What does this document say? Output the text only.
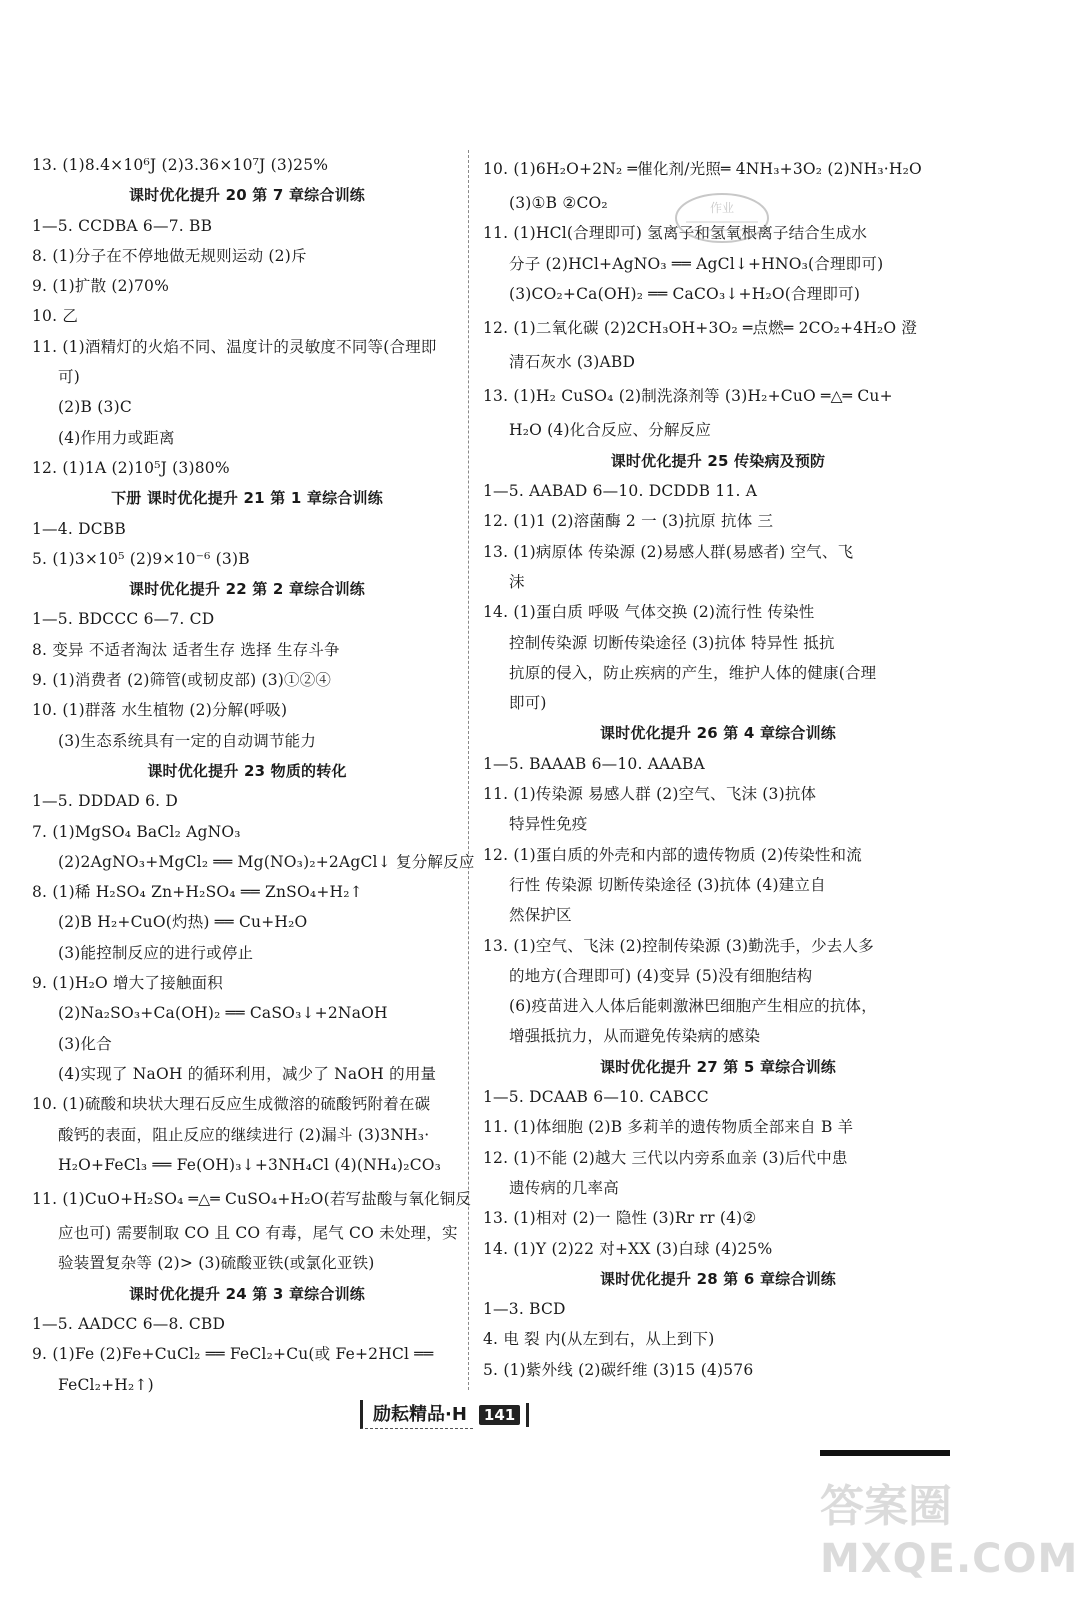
13. (1)8.4×10⁶J (2)3.36×10⁷J (3)25%
课时优化提升 20 第 7 章综合训练
1—5. CCDBA 6—7. BB
8. (1)分子在不停地做无规则运动 (2)斥
9. (1)扩散 (2)70%
10. 乙
11. (1)酒精灯的火焰不同、温度计的灵敏度不同等(合理即
可)
(2)B (3)C
(4)作用力或距离
12. (1)1A (2)10⁵J (3)80%
下册 课时优化提升 21 第 1 章综合训练
1—4. DCBB
5. (1)3×10⁵ (2)9×10⁻⁶ (3)B
课时优化提升 22 第 2 章综合训练
1—5. BDCCC 6—7. CD
8. 变异 不适者淘汰 适者生存 选择 生存斗争
9. (1)消费者 (2)筛管(或韧皮部) (3)①②④
10. (1)群落 水生植物 (2)分解(呼吸)
(3)生态系统具有一定的自动调节能力
课时优化提升 23 物质的转化
1—5. DDDAD 6. D
7. (1)MgSO₄ BaCl₂ AgNO₃
(2)2AgNO₃+MgCl₂ ══ Mg(NO₃)₂+2AgCl↓ 复分解反应
8. (1)稀 H₂SO₄ Zn+H₂SO₄ ══ ZnSO₄+H₂↑
(2)B H₂+CuO(灼热) ══ Cu+H₂O
(3)能控制反应的进行或停止
9. (1)H₂O 增大了接触面积
(2)Na₂SO₃+Ca(OH)₂ ══ CaSO₃↓+2NaOH
(3)化合
(4)实现了 NaOH 的循环利用，减少了 NaOH 的用量
10. (1)硫酸和块状大理石反应生成微溶的硫酸钙附着在碳
酸钙的表面，阻止反应的继续进行 (2)漏斗 (3)3NH₃·
H₂O+FeCl₃ ══ Fe(OH)₃↓+3NH₄Cl (4)(NH₄)₂CO₃
11. (1)CuO+H₂SO₄ ═△═ CuSO₄+H₂O(若写盐酸与氧化铜反
应也可) 需要制取 CO 且 CO 有毒，尾气 CO 未处理，实
验装置复杂等 (2)> (3)硫酸亚铁(或氯化亚铁)
课时优化提升 24 第 3 章综合训练
1—5. AADCC 6—8. CBD
9. (1)Fe (2)Fe+CuCl₂ ══ FeCl₂+Cu(或 Fe+2HCl ══
FeCl₂+H₂↑)
10. (1)6H₂O+2N₂ ═催化剂/光照═ 4NH₃+3O₂ (2)NH₃·H₂O
(3)①B ②CO₂
11. (1)HCl(合理即可) 氢离子和氢氧根离子结合生成水
分子 (2)HCl+AgNO₃ ══ AgCl↓+HNO₃(合理即可)
(3)CO₂+Ca(OH)₂ ══ CaCO₃↓+H₂O(合理即可)
12. (1)二氧化碳 (2)2CH₃OH+3O₂ ═点燃═ 2CO₂+4H₂O 澄
清石灰水 (3)ABD
13. (1)H₂ CuSO₄ (2)制洗涤剂等 (3)H₂+CuO ═△═ Cu+
H₂O (4)化合反应、分解反应
课时优化提升 25 传染病及预防
1—5. AABAD 6—10. DCDDB 11. A
12. (1)1 (2)溶菌酶 2 一 (3)抗原 抗体 三
13. (1)病原体 传染源 (2)易感人群(易感者) 空气、飞
沫
14. (1)蛋白质 呼吸 气体交换 (2)流行性 传染性
控制传染源 切断传染途径 (3)抗体 特异性 抵抗
抗原的侵入，防止疾病的产生，维护人体的健康(合理
即可)
课时优化提升 26 第 4 章综合训练
1—5. BAAAB 6—10. AAABA
11. (1)传染源 易感人群 (2)空气、飞沫 (3)抗体
特异性免疫
12. (1)蛋白质的外壳和内部的遗传物质 (2)传染性和流
行性 传染源 切断传染途径 (3)抗体 (4)建立自
然保护区
13. (1)空气、飞沫 (2)控制传染源 (3)勤洗手，少去人多
的地方(合理即可) (4)变异 (5)没有细胞结构
(6)疫苗进入人体后能刺激淋巴细胞产生相应的抗体，
增强抵抗力，从而避免传染病的感染
课时优化提升 27 第 5 章综合训练
1—5. DCAAB 6—10. CABCC
11. (1)体细胞 (2)B 多莉羊的遗传物质全部来自 B 羊
12. (1)不能 (2)越大 三代以内旁系血亲 (3)后代中患
遗传病的几率高
13. (1)相对 (2)一 隐性 (3)Rr rr (4)②
14. (1)Y (2)22 对+XX (3)白球 (4)25%
课时优化提升 28 第 6 章综合训练
1—3. BCD
4. 电 裂 内(从左到右，从上到下)
5. (1)紫外线 (2)碳纤维 (3)15 (4)576
作业
励耘精品·H	141
答案圈
MXQE.COM
